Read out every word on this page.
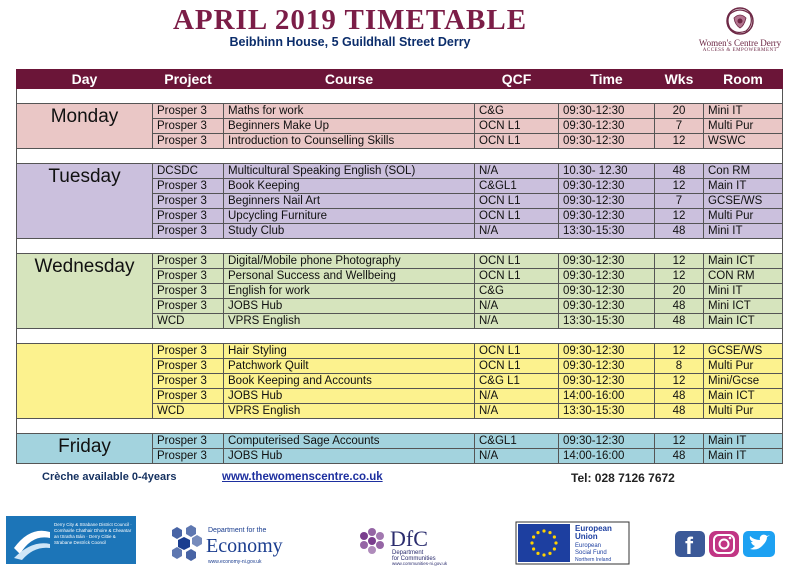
APRIL 2019 TIMETABLE
Beibhinn House, 5 Guildhall Street Derry	Women's Centre Derry
ACCESS & EMPOWERMENT
Day	Project	Course	QCF	Time	Wks	Room

Monday	Prosper 3	Maths for work	C&G	09:30-12:30	20	Mini IT
	Prosper 3	Beginners Make Up	OCN L1	09:30-12:30	7	Multi Pur
	Prosper 3	Introduction to Counselling Skills	OCN L1	09:30-12:30	12	WSWC

Tuesday	DCSDC	Multicultural Speaking English (SOL)	N/A	10.30- 12.30	48	Con RM
	Prosper 3	Book Keeping	C&GL1	09:30-12:30	12	Main IT
	Prosper 3	Beginners Nail Art	OCN L1	09:30-12:30	7	GCSE/WS
	Prosper 3	Upcycling Furniture	OCN L1	09:30-12:30	12	Multi Pur
	Prosper 3	Study Club	N/A	13:30-15:30	48	Mini IT

Wednesday	Prosper 3	Digital/Mobile phone Photography	OCN L1	09:30-12:30	12	Main ICT
	Prosper 3	Personal Success and Wellbeing	OCN L1	09:30-12:30	12	CON RM
	Prosper 3	English for work	C&G	09:30-12:30	20	Mini IT
	Prosper 3	JOBS Hub	N/A	09:30-12:30	48	Mini ICT
	WCD	VPRS English	N/A	13:30-15:30	48	Main ICT

	Prosper 3	Hair Styling	OCN L1	09:30-12:30	12	GCSE/WS
	Prosper 3	Patchwork Quilt	OCN L1	09:30-12:30	8	Multi Pur
	Prosper 3	Book Keeping and Accounts	C&G L1	09:30-12:30	12	Mini/Gcse
	Prosper 3	JOBS Hub	N/A	14:00-16:00	48	Main ICT
	WCD	VPRS English	N/A	13:30-15:30	48	Multi Pur

Friday	Prosper 3	Computerised Sage Accounts	C&GL1	09:30-12:30	12	Main IT
	Prosper 3	JOBS Hub	N/A	14:00-16:00	48	Main IT
Crèche available 0-4years	www.thewomenscentre.co.uk	Tel: 028 7126 7672
Derry City & Strabane District Council · Comhairle Chathair Dhoire & Cheantar an tSratha Báin · Derry Cittie & Strabane Destrìck Cooncil
Department for the
Economy
www.economy-ni.gov.uk
DfC
Department
for Communities
www.communities-ni.gov.uk
European
Union
European
Social Fund
Northern Ireland	f
